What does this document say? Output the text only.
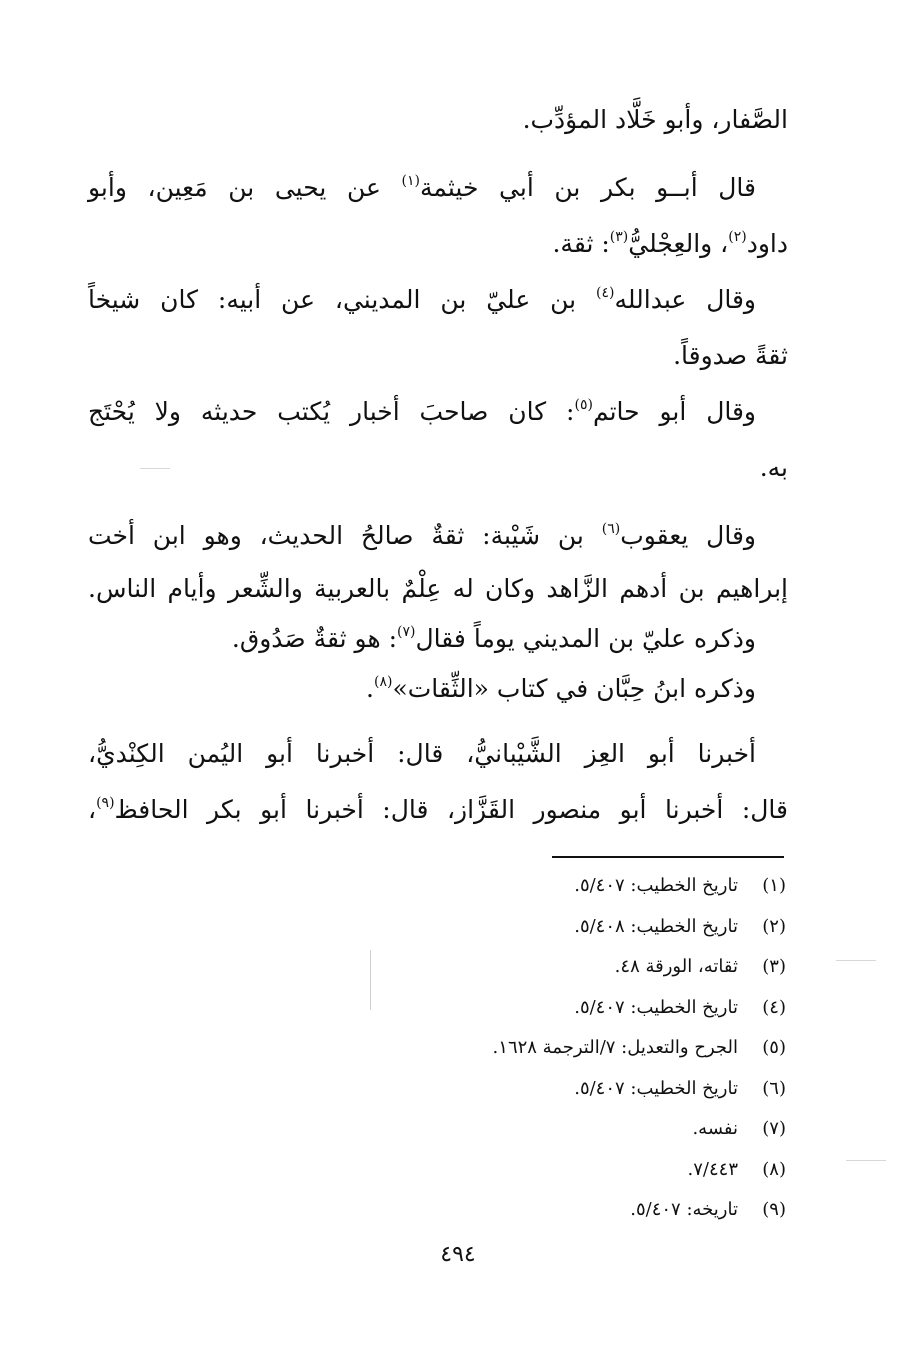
الصَّفار، وأبو خَلَّاد المؤدِّب.
قال أبــو بكر بن أبي خيثمة$^{(١)}$ عن يحيى بن مَعِين، وأبو
داود$^{(٢)}$، والعِجْليُّ$^{(٣)}$: ثقة.
وقال عبدالله$^{(٤)}$ بن عليّ بن المديني، عن أبيه: كان شيخاً
ثقةً صدوقاً.
وقال أبو حاتم$^{(٥)}$: كان صاحبَ أخبار يُكتب حديثه ولا يُحْتَج
به.
وقال يعقوب$^{(٦)}$ بن شَيْبة: ثقةٌ صالحُ الحديث، وهو ابن أخت
إبراهيم بن أدهم الزَّاهد وكان له عِلْمٌ بالعربية والشِّعر وأيام الناس.
وذكره عليّ بن المديني يوماً فقال$^{(٧)}$: هو ثقةٌ صَدُوق.
وذكره ابنُ حِبَّان في كتاب «الثِّقات»$^{(٨)}$.
أخبرنا أبو العِز الشَّيْبانيُّ، قال: أخبرنا أبو اليُمن الكِنْديُّ،
قال: أخبرنا أبو منصور القَزَّاز، قال: أخبرنا أبو بكر الحافظ$^{(٩)}$،
(١)تاريخ الخطيب: ٥/٤٠٧.
(٢)تاريخ الخطيب: ٥/٤٠٨.
(٣)ثقاته، الورقة ٤٨.
(٤)تاريخ الخطيب: ٥/٤٠٧.
(٥)الجرح والتعديل: ٧/الترجمة ١٦٢٨.
(٦)تاريخ الخطيب: ٥/٤٠٧.
(٧)نفسه.
(٨)٧/٤٤٣.
(٩)تاريخه: ٥/٤٠٧.
٤٩٤
